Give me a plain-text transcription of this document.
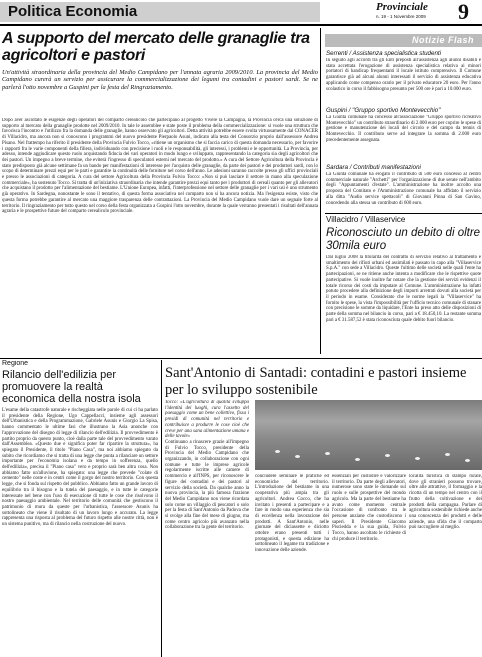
Politica Economia	Provinciale
n. 19 - 1 Novembre 2009	9
A supporto del mercato delle granaglie tra agricoltori e pastori
Un'attività straordinaria della provincia del Medio Campidano per l'annata agraria 2009/2010. La provincia del Medio Campidano curerà un servizio per assicurare la commercializzazione dei legumi tra contadini e pastori sardi. Se ne parlerà l'otto novembre a Guspini per la festa del Ringraziamento.
Dopo aver ascoltato le esigenze degli operatori del comparto cerealicolo che partecipano al progetto Vivere la Campagna, la Provincia cerca una soluzione di supporto al mercato della granaglie prodotte nel 2009/2010. In tale le assemblee e state poste il problema della commercializzazione: si vuole una struttura che favorisca l'incontro e l'utilizzo fra la domanda delle granaglie, hanno osservato gli agricoltori. Detta attività potrebbe essere svolta virtuosamente dal CONACER di Villacidro, ma ancora non si conoscono i programmi del nuovo presidente Pierpaolo Asuni, indicato alla testa del Consorzio proprio dall'assessore Andrea Pisano. Nel frattempo ha riferito il presidente della Provincia Fulvio Tocco, «ritiene un organismo che si faccia carico di questa domanda necessario, per favorire i rapporti fra le varie componenti della filiera, individuando con precisione i ruoli e le responsabilità, gli interessi, i problemi e le opportunità. La Provincia, per adesso, intende aggiudicare questo ruolo acquistando fiducia dei vari operatori in modo lungo e sviluppato, rappresentando la categoria sia degli agricoltori che dei pastori. Un impegno a breve termine, che eviterà l'ingresso di speculatori esterni nel mercato del prodotto.» A cura del Settore Agricoltura della Provincia è stato predisposto già alcune settimane fa un bando per manifestazioni di interesse per l'acquisto delle granaglie, da parte dei pastori e dei produttori sardi, con lo scopo di determinare prezzi equi per le parti e garantire la continuità delle forniture nel corso dell'anno. Le adesioni saranno raccolte presso gli uffici provinciali e presso le associazioni di categoria. A cura del settore Agricoltura della Provincia Fulvio Tocco: «Non si può lasciare il settore in mano alla speculazione commerciale», ha sostenuto Tocco. Si tratta di un'iniziativa straordinaria che intende garantire prezzi equi tanto per i produttori di cereali quanto per gli allevatori che acquistano il prodotto per l'alimentazione del bestiame. L'Unione Europea, infatti, l'interprofessione nel settore delle granaglie per i vari usi è uno strumento già operativo. In Sardegna, nonostante le sono il tentativo, di questa forma associativa nel comparto non si ha ancora notizia. Ma l'esigenza esiste, visto che questa forma potrebbe garantire al mercato una maggiore trasparenza delle contrattazioni. La Provincia del Medio Campidano vuole dare un segnale forte al territorio. Il ringraziamento per tutto questo nel corso della festa organizzata a Guspini l'otto novembre, durante la quale verranno presentati i risultati dell'annata agraria e le prospettive future del comparto cerealicolo provinciale.
Notizie Flash
Serrenti / Assistenza specialistica studenti
In seguito agli accordi tra gli Enti preposti all'assistenza agli alunni disabili è stata accettata l'erogazione di assistenza specialistica relativa ai minori portatori di handicap frequentanti il locale istituto comprensivo. Il Comune garantisce già ad alcuni alunni interessati il servizio di assistenza educativa applicando come compenso orario per il privato educatore 20 euro. Per l'anno scolastico in corso il fabbisogno presunto per 500 ore è pari a 10.000 euro.
Guspini / "Gruppo sportivo Montevecchio"
La Giunta comunale ha concesso all'associazione "Gruppo sportivo ricreativo Montevecchio" un contributo straordinario di 2.000 euro per coprire le spese di gestione e manutenzione dei locali del circolo e del campo da tennis di Montevecchio. Il contributo serve ad integrare la somma di 2.000 euro precedentemente assegnata.
Sardara / Contributi manifestazioni
La Giunta comunale ha erogato il contributo di 500 euro concesso al centro commerciale naturale "Archetti" per l'organizzazione di due serate nell'ambito degli "Appuntamenti d'estate". L'amministrazione ha inoltre accolto una proposta del Comitato e l'Amministrazione comunale ha affidato il servizio alla ditta "Audio service spettacoli" di Giovanni Pinna di San Gavino, concedendo alla stessa un contributo di 600 euro.
Villacidro / Villaservice
Riconosciuto un debito di oltre 30mila euro
Dal luglio 2008 la titolarità del contratto di servizio relativo al trattamento e smaltimento dei rifiuti urbani ed assimilati è passato in capo alla "Villaservice S.p.A." con sede a Villacidro. Queste l'ultimo delle società nelle quali l'ente ha partecipazioni, se ne ritiene anche intenta a modificare che le rispettive quote partecipative. Si vuole inoltre far notare che la gestione dei servizi evidenzi il totale ricorso dei costi da imputare al Comune. L'amministrazione ha infatti potuto procedere alla definizione degli importi arretrati dovuti alla società per il periodo in esame. Considerato che le norme legali la "Villaservice" ha fornito le spese, la vista l'impossibilità per l'ufficio tecnico comunale di stanare con precisione le somme da liquidare, l'Ente ha preso atto delle disposizioni di parte della somma nel bilancio in corso, pari a € 18.450,10. La restante somma pari a € 31.587,52 è stata riconosciuta quale debito fuori bilancio.
Regione
Rilancio dell'edilizia per promuovere la realtà economica della nostra isola
L'esame della catastrofe naturale e rischeggiata nelle parole di cui ci ha parlato il presidente della Regione, Ugo Cappellacci, insieme agli assessori dell'Urbanistica e della Programmazione, Gabriele Asunis e Giorgio La Spisa, hanno commentato le ultime fasi che illustrano la Asia anonche con l'approvazione del disegno di legge di rilancio dell'edilizia. Il provvedimento è partito proprio da questo punto, cioè dalla parte tale del provvedimento varato dall'Assemblea. «Questo due e significa poter far ripartire la struttura», ha spiegato il Presidente, il titolo "Piano Casa", ma noi abbiamo spiegato da subito che ricordiamo che si tratta di una legge che punta a rilanciare un settore importante per l'economia isolana e da tempo in sofferenza, quello dell'edilizia», precisa il "Piano casa" vero e proprio sarà ben altra cosa. Non abbiamo fatto un'alluvione, ha spiegato: una legge che prevede "colate di cemento" nelle coste e in centri come il gorgo del nostro territorio. Con questa legge, che si fonda sul rispetto del pubblico. Abbiamo fatto un grande lavoro di equilibrio tra il bisogno e la tutela del paesaggio, e in tutte le categorie interessate nel bene con l'uso di esecuzione di tutte le cose che risolvono il nostro paesaggio ambientale. Nel territorio delle comunità che gestiscono il patrimonio di mura da queste per l'urbanistica, l'assessore Asunis ha sottolineato che viene il risultato di un lavoro lungo e accurato. La legge rappresenta una risposta al problema del futuro rispetto alle nostre città, non è un sistema punitivo, ma di rilancio nella costruzione del nuovo.
Sant'Antonio di Santadi: contadini e pastori insieme per lo sviluppo sostenibile

Tocco: «L'agricoltura di qualità sviluppa l'identità dei luoghi, cura l'assetto del paesaggio come un bene collettivo, fissa i presidi di comunità nel territorio e contribuisce a produrre le cose cioè che creve per una sana alimentazione umana e delle tavole»

Continuano a rinascere grazie all'impegno di Fulvio Tocco, presidente della Provincia del Medio Campidano che organizzando, in collaborazione con ogni comune e tutte le imprese agricole regolarmente iscritte alle camere di commercio e all'INPS, per riconoscere le figure dei contadini e dei pastori al servizio della società. Da qualche anno la nuova provincia, la più famosa frazione del Medio Campidano non viene ricordata solo come un villaggio di pescatori o solo per la festa di Sant'Antonio da Padova che si svolge alla fine del mese di giugno, ma come centro agricolo più avanzato nella collaborazione tra la gente del territorio.

concludere seminare le pratiche ed economiche del territorio. L'introduzione del bestiame in una cooperativa più ampia tra gli agricoltori. Andrea Cocco, che ha invitato i presenti a partecipare e a fare in modo una esperienza che sia di eccellenza nella lavorazione dei prodotti. A Sant'Antonio, nelle giornate del diciassette e diciotto ottobre erano presenti tutti i protagonisti, e questa edizione ha sottolineato il legame tra tradizione e innovazione delle aziende.
essenziali per custodire e valorizzare il territorio. Da parte degli allevatori, numerose sono state le domande sul ruolo e sulle prospettive del mondo agricolo. Ma la parte del bestiame ha avuto come momento centrale l'occasione di confronto tra le persone anziane che custodiscono i saperi. Il Presidente Giacomo Pisciedda e la sua guida, Fulvio Tocco, hanno ascoltato le richieste di chi produce il territorio.
località turistica di stampo rurale, dove gli stranieri possono trovare, oltre alle attrattive, il formaggio e la ricotta di un tempo nel centro con il frutto della coltivazione e dei prodotti della campagna. Parlare di agricoltura sostenibile richiede anche una conoscenza dei prodotti e delle aziende, una sfida che il comparto può raccogliere al meglio.
